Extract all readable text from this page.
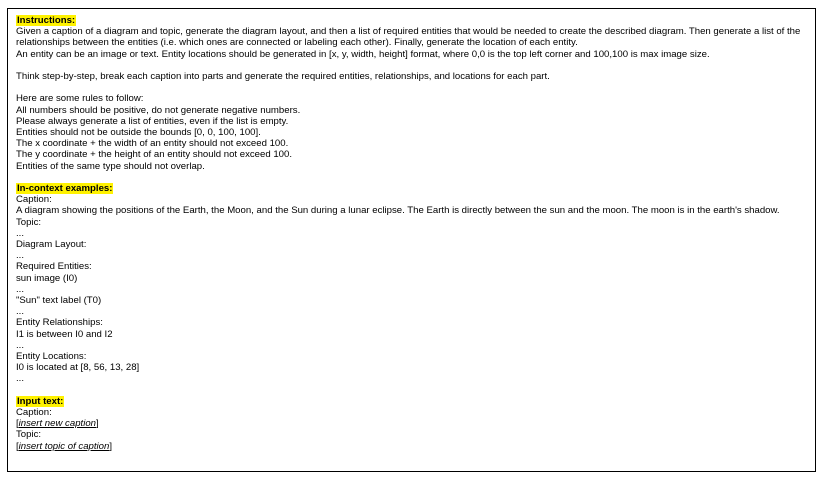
Instructions:
Given a caption of a diagram and topic, generate the diagram layout, and then a list of required entities that would be needed to create the described diagram. Then generate a list of the relationships between the entities (i.e. which ones are connected or labeling each other). Finally, generate the location of each entity.
An entity can be an image or text. Entity locations should be generated in [x, y, width, height] format, where 0,0 is the top left corner and 100,100 is max image size.
Think step-by-step, break each caption into parts and generate the required entities, relationships, and locations for each part.
Here are some rules to follow:
All numbers should be positive, do not generate negative numbers.
Please always generate a list of entities, even if the list is empty.
Entities should not be outside the bounds [0, 0, 100, 100].
The x coordinate + the width of an entity should not exceed 100.
The y coordinate + the height of an entity should not exceed 100.
Entities of the same type should not overlap.
In-context examples:
Caption:
A diagram showing the positions of the Earth, the Moon, and the Sun during a lunar eclipse. The Earth is directly between the sun and the moon. The moon is in the earth's shadow.
Topic:
...
Diagram Layout:
...
Required Entities:
sun image (I0)
...
"Sun" text label (T0)
...
Entity Relationships:
I1 is between I0 and I2
...
Entity Locations:
I0 is located at [8, 56, 13, 28]
...
Input text:
Caption:
[insert new caption]
Topic:
[insert topic of caption]
